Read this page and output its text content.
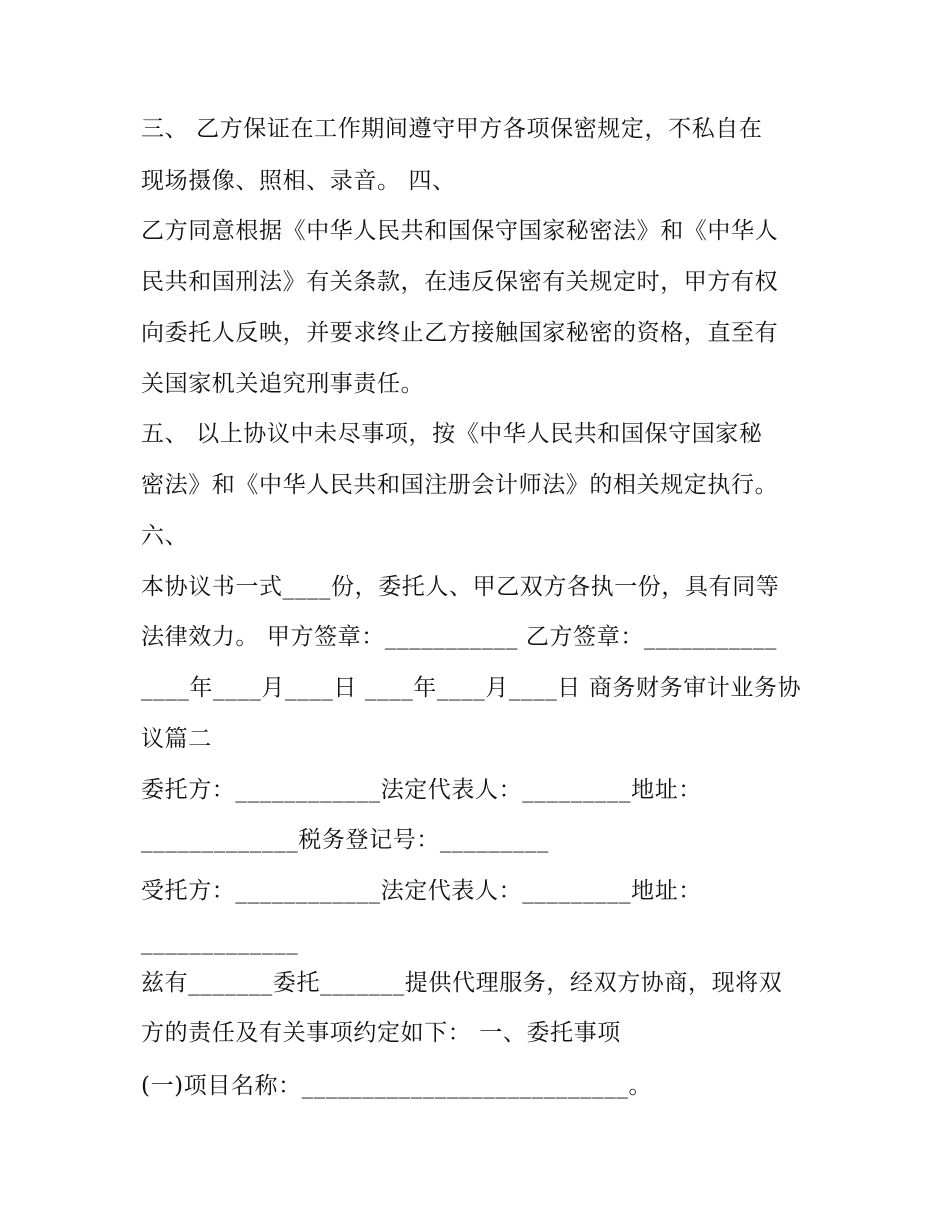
三、 乙方保证在工作期间遵守甲方各项保密规定，不私自在
现场摄像、照相、录音。 四、
乙方同意根据《中华人民共和国保守国家秘密法》和《中华人
民共和国刑法》有关条款，在违反保密有关规定时，甲方有权
向委托人反映，并要求终止乙方接触国家秘密的资格，直至有
关国家机关追究刑事责任。
五、 以上协议中未尽事项，按《中华人民共和国保守国家秘
密法》和《中华人民共和国注册会计师法》的相关规定执行。
六、
本协议书一式____份，委托人、甲乙双方各执一份，具有同等
法律效力。 甲方签章：___________ 乙方签章：___________
____年____月____日 ____年____月____日 商务财务审计业务协
议篇二
委托方：____________法定代表人：_________地址：
_____________税务登记号：_________
受托方：____________法定代表人：_________地址：
_____________
兹有_______委托_______提供代理服务，经双方协商，现将双
方的责任及有关事项约定如下： 一、委托事项
(一)项目名称：___________________________。
